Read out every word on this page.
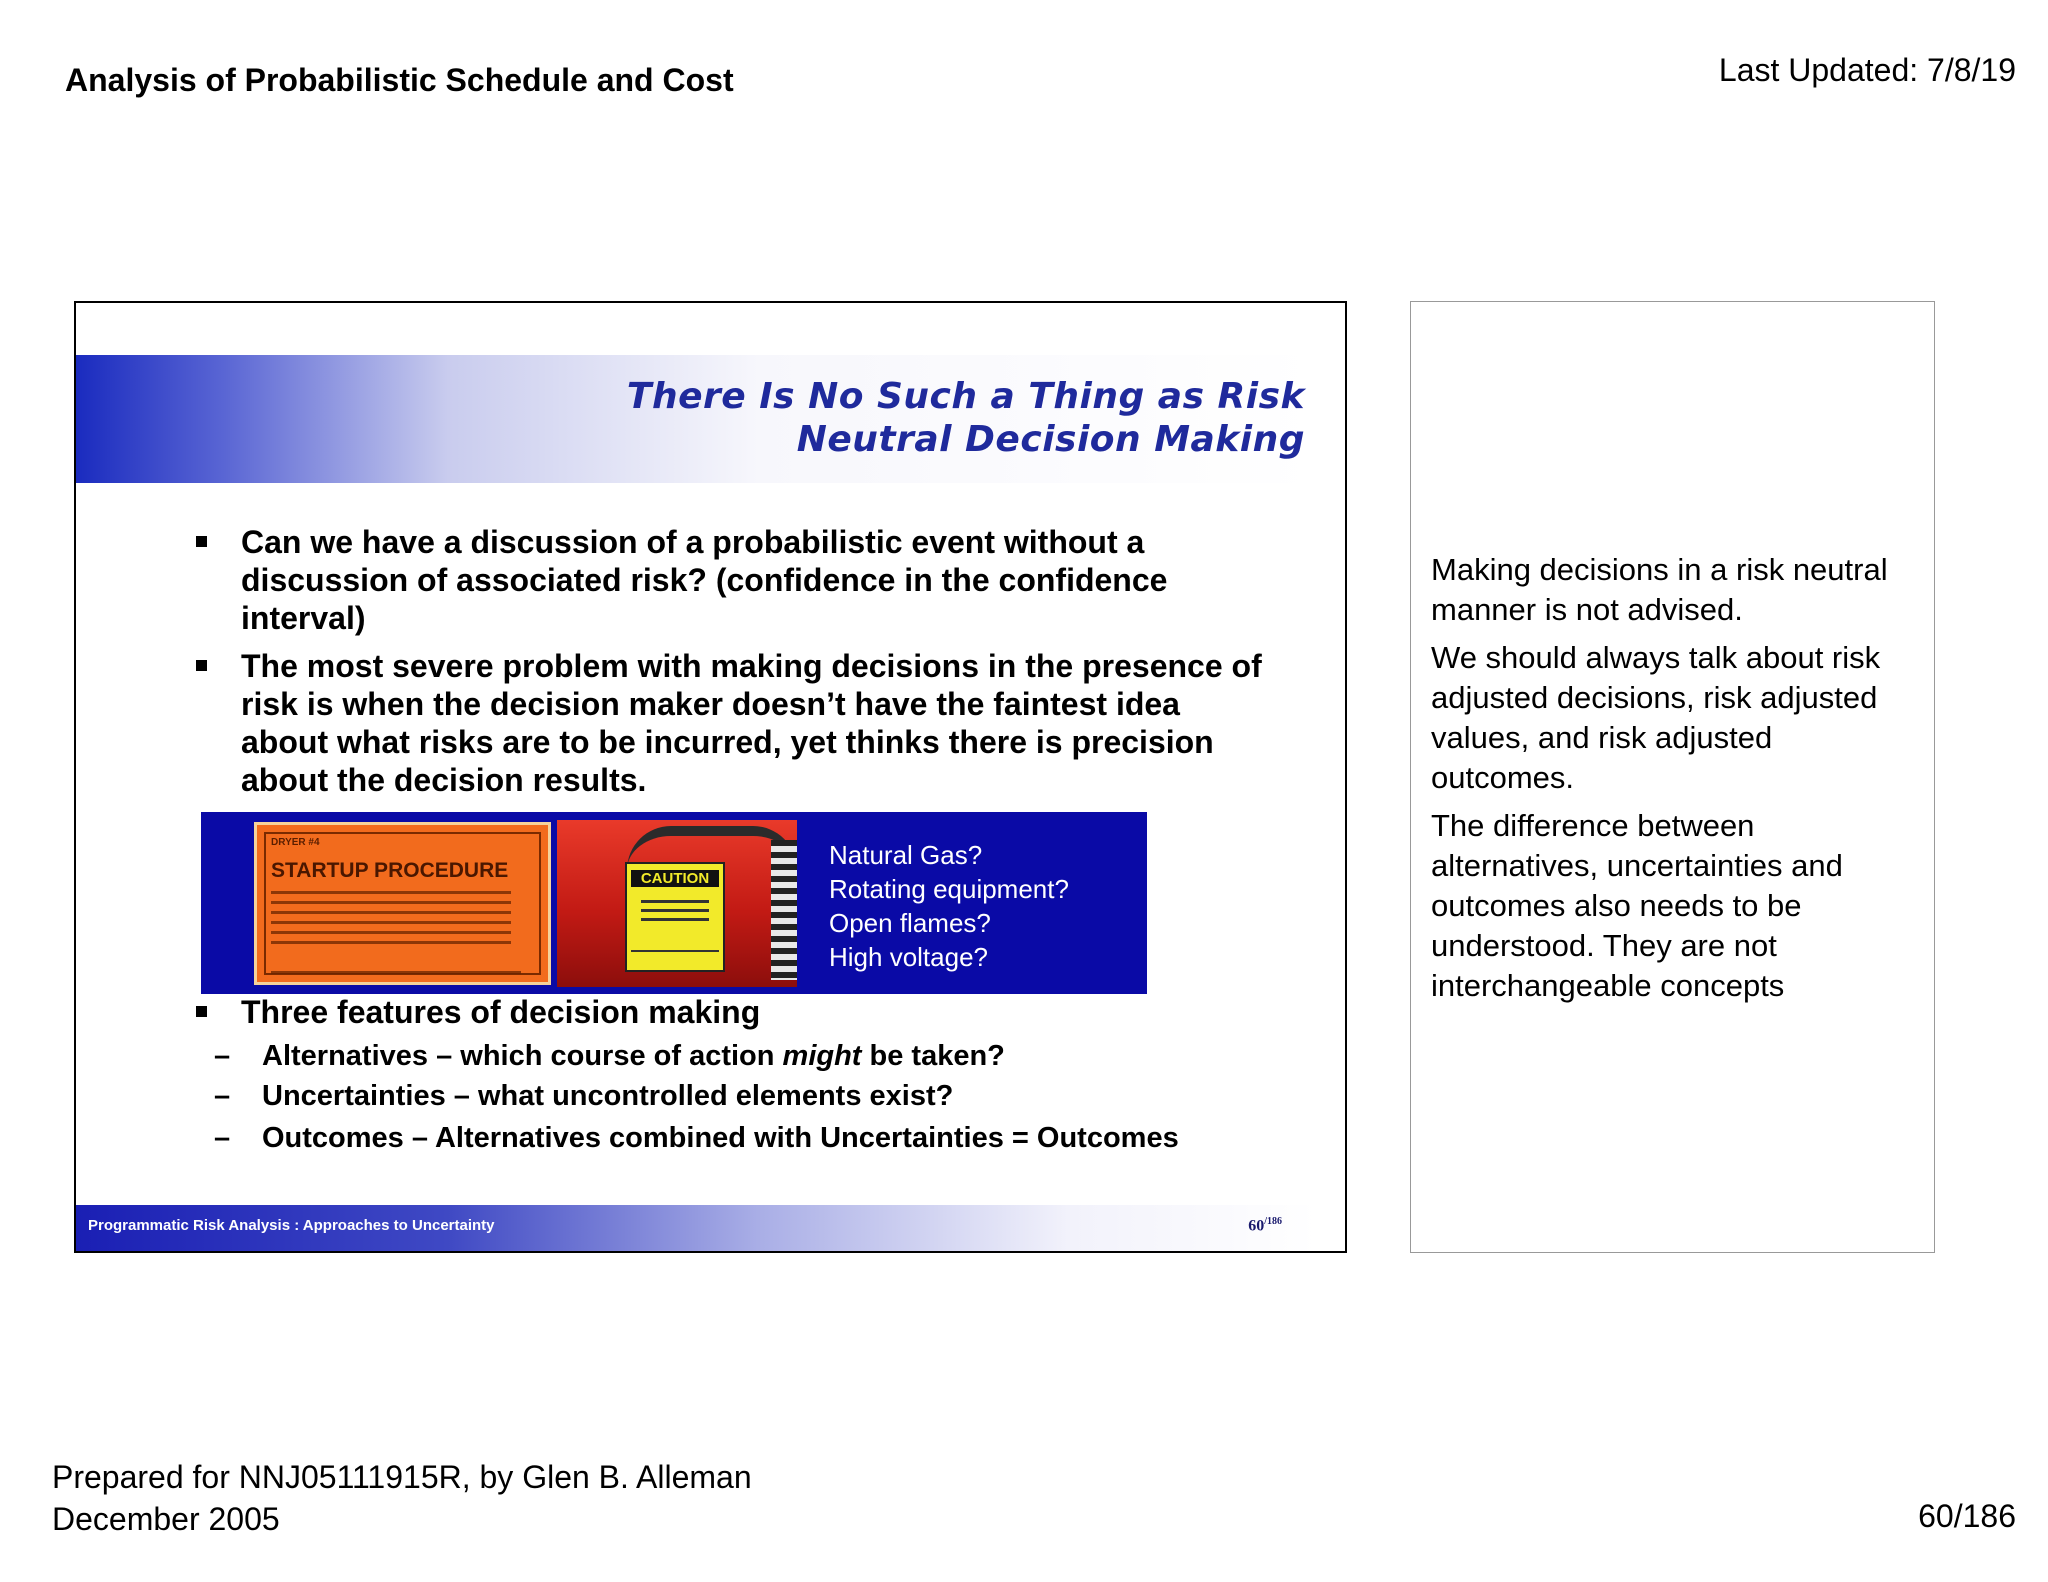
Analysis of Probabilistic Schedule and Cost	Last Updated: 7/8/19
There Is No Such a Thing as Risk
Neutral Decision Making
Can we have a discussion of a probabilistic event without a discussion of associated risk? (confidence in the confidence interval)
The most severe problem with making decisions in the presence of risk is when the decision maker doesn’t have the faintest idea about what risks are to be incurred, yet thinks there is precision about the decision results.
DRYER #4
STARTUP PROCEDURE	CAUTION
Natural Gas?
Rotating equipment?
Open flames?
High voltage?
Three features of decision making
– Alternatives – which course of action might be taken?
– Uncertainties – what uncontrolled elements exist?
– Outcomes – Alternatives combined with Uncertainties = Outcomes
Programmatic Risk Analysis : Approaches to Uncertainty	$60^{/186}$

Making decisions in a risk neutral manner is not advised.

We should always talk about risk adjusted decisions, risk adjusted values, and risk adjusted outcomes.

The difference between alternatives, uncertainties and outcomes also needs to be understood. They are not interchangeable concepts

Prepared for NNJ05111915R, by Glen B. Alleman
December 2005	60/186
